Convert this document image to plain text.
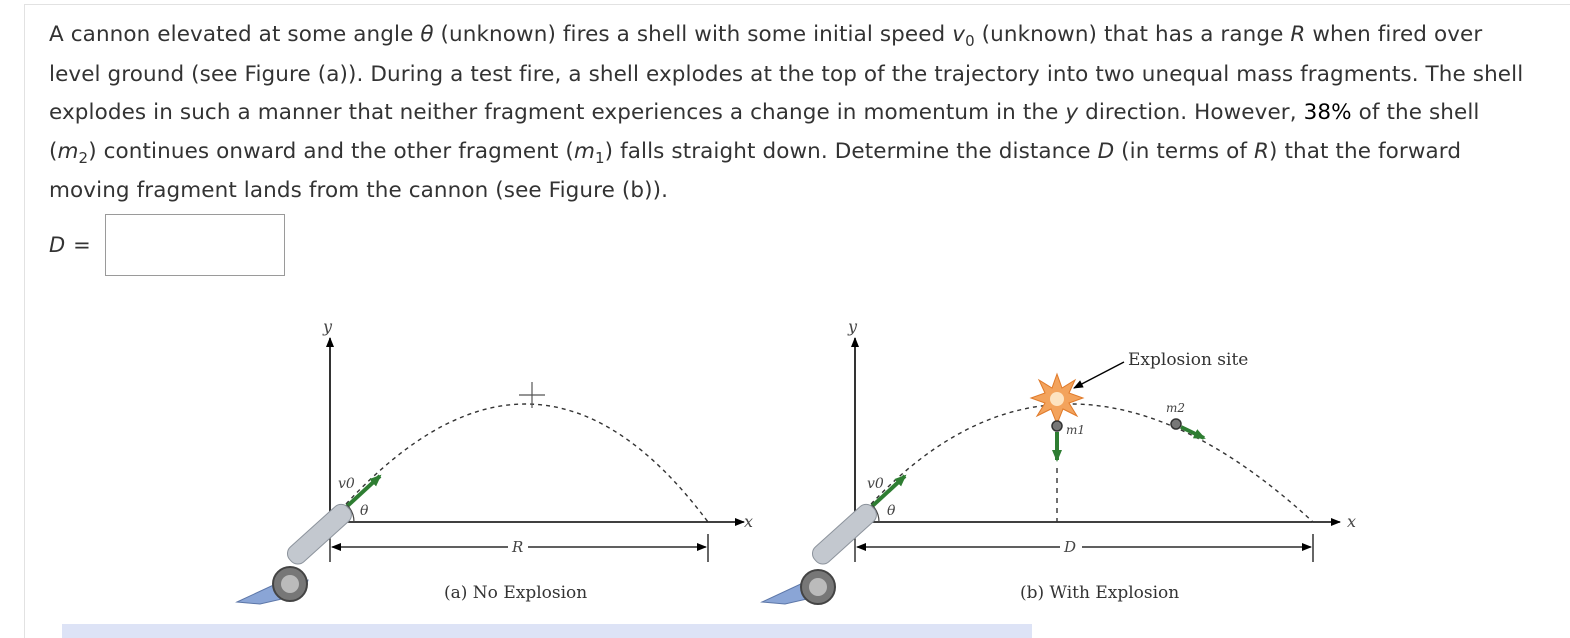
A cannon elevated at some angle θ (unknown) fires a shell with some initial speed $v_0$ (unknown) that has a range R when fired over level ground (see Figure (a)). During a test fire, a shell explodes at the top of the trajectory into two unequal mass fragments. The shell explodes in such a manner that neither fragment experiences a change in momentum in the y direction. However, 38% of the shell $(m_2)$ continues onward and the other fragment $(m_1)$ falls straight down. Determine the distance D (in terms of R) that the forward moving fragment lands from the cannon (see Figure (b)).

D =
y
x
v0
θ
R
(a) No Explosion
y
x
Explosion site
m1
m2
v0
θ
D
(b) With Explosion
